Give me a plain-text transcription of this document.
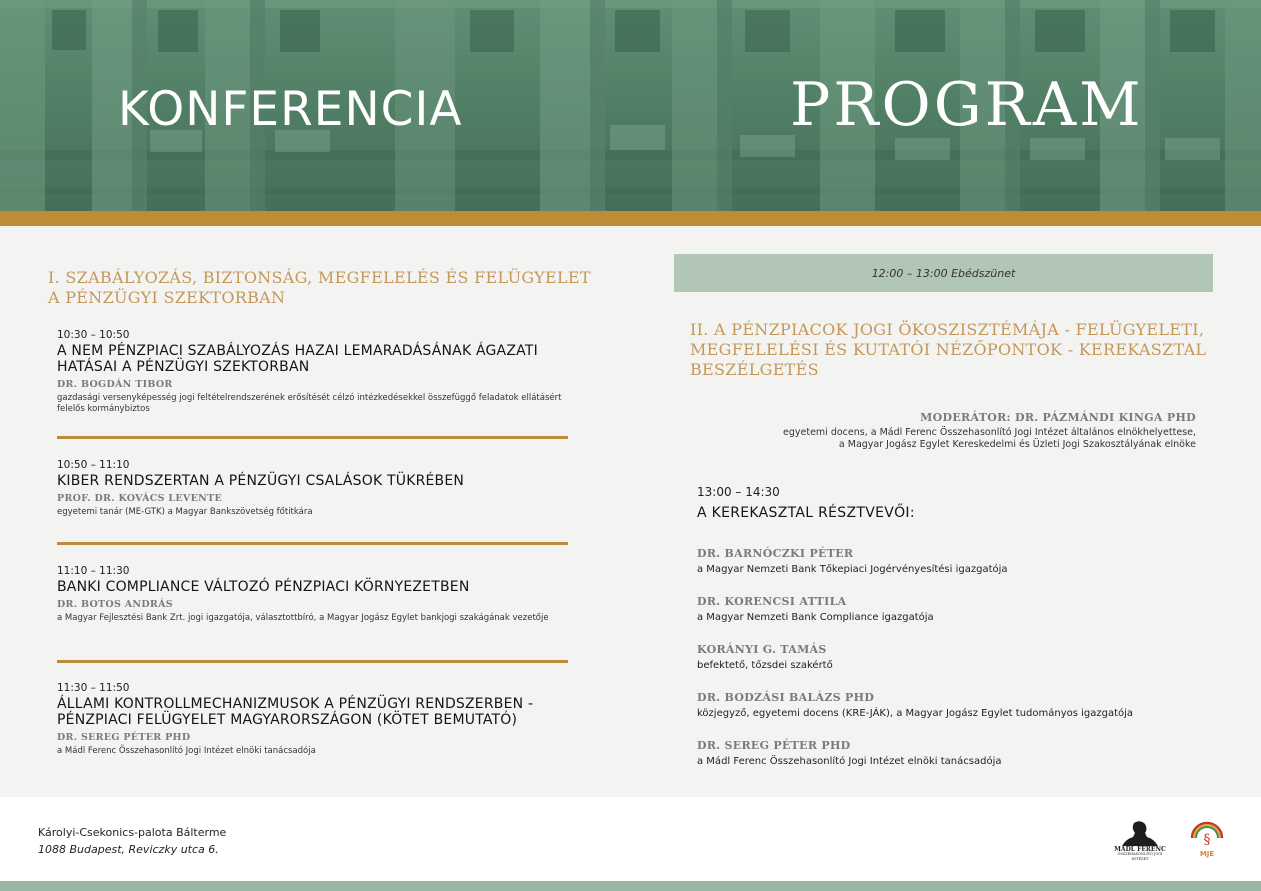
KONFERENCIA	PROGRAM
I. SZABÁLYOZÁS, BIZTONSÁG, MEGFELELÉS ÉS FELÜGYELET A PÉNZÜGYI SZEKTORBAN
10:30 – 10:50
A NEM PÉNZPIACI SZABÁLYOZÁS HAZAI LEMARADÁSÁNAK ÁGAZATI HATÁSAI A PÉNZÜGYI SZEKTORBAN
DR. BOGDÁN TIBOR
gazdasági versenyképesség jogi feltételrendszerének erősítését célzó intézkedésekkel összefüggő feladatok ellátásért felelős kormánybiztos
10:50 – 11:10
KIBER RENDSZERTAN A PÉNZÜGYI CSALÁSOK TÜKRÉBEN
PROF. DR. KOVÁCS LEVENTE
egyetemi tanár (ME-GTK) a Magyar Bankszövetség főtitkára
11:10 – 11:30
BANKI COMPLIANCE VÁLTOZÓ PÉNZPIACI KÖRNYEZETBEN
DR. BOTOS ANDRÁS
a Magyar Fejlesztési Bank Zrt. jogi igazgatója, választottbíró, a Magyar Jogász Egylet bankjogi szakágának vezetője
11:30 – 11:50
ÁLLAMI KONTROLLMECHANIZMUSOK A PÉNZÜGYI RENDSZERBEN - PÉNZPIACI FELÜGYELET MAGYARORSZÁGON (KÖTET BEMUTATÓ)
DR. SEREG PÉTER PHD
a Mádl Ferenc Összehasonlító Jogi Intézet elnöki tanácsadója
12:00 – 13:00 Ebédszünet
II. A PÉNZPIACOK JOGI ÖKOSZISZTÉMÁJA - FELÜGYELETI, MEGFELELÉSI ÉS KUTATÓI NÉZŐPONTOK - KEREKASZTAL BESZÉLGETÉS
MODERÁTOR: DR. PÁZMÁNDI KINGA PHD
egyetemi docens, a Mádl Ferenc Összehasonlító Jogi Intézet általános elnökhelyettese,
a Magyar Jogász Egylet Kereskedelmi és Üzleti Jogi Szakosztályának elnöke
13:00 – 14:30
A KEREKASZTAL RÉSZTVEVŐI:
DR. BARNÓCZKI PÉTER
a Magyar Nemzeti Bank Tőkepiaci Jogérvényesítési igazgatója
DR. KORENCSI ATTILA
a Magyar Nemzeti Bank Compliance igazgatója
KORÁNYI G. TAMÁS
befektető, tőzsdei szakértő
DR. BODZÁSI BALÁZS PHD
közjegyző, egyetemi docens (KRE-JÁK), a Magyar Jogász Egylet tudományos igazgatója
DR. SEREG PÉTER PHD
a Mádl Ferenc Összehasonlító Jogi Intézet elnöki tanácsadója
Károlyi-Csekonics-palota Bálterme
1088 Budapest, Reviczky utca 6.	MÁDL FERENC
ÖSSZEHASONLÍTÓ JOGI INTÉZET
§
MJE
